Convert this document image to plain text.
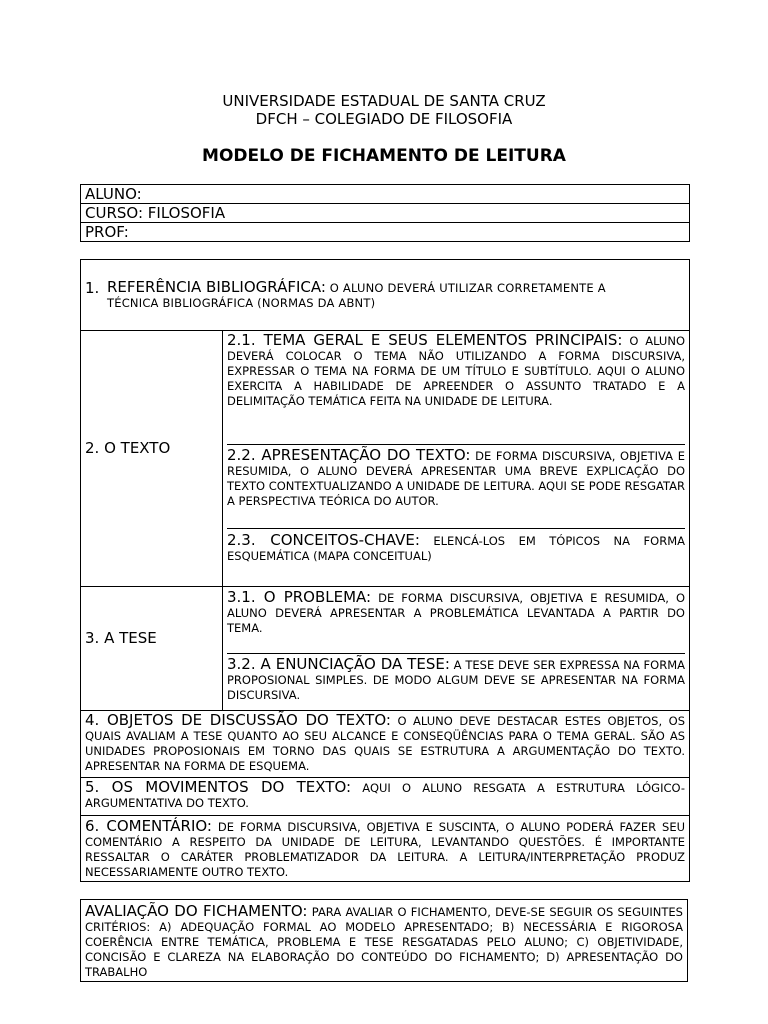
UNIVERSIDADE ESTADUAL DE SANTA CRUZ
DFCH – COLEGIADO DE FILOSOFIA
MODELO DE FICHAMENTO DE LEITURA
ALUNO:
CURSO: FILOSOFIA
PROF:
1. REFERÊNCIA BIBLIOGRÁFICA: O ALUNO DEVERÁ UTILIZAR CORRETAMENTE A
TÉCNICA BIBLIOGRÁFICA (NORMAS DA ABNT)
2. O TEXTO
2.1. TEMA GERAL E SEUS ELEMENTOS PRINCIPAIS: O ALUNO DEVERÁ COLOCAR O TEMA NÃO UTILIZANDO A FORMA DISCURSIVA, EXPRESSAR O TEMA NA FORMA DE UM TÍTULO E SUBTÍTULO. AQUI O ALUNO EXERCITA A HABILIDADE DE APREENDER O ASSUNTO TRATADO E A DELIMITAÇÃO TEMÁTICA FEITA NA UNIDADE DE LEITURA.
2.2. APRESENTAÇÃO DO TEXTO: DE FORMA DISCURSIVA, OBJETIVA E RESUMIDA, O ALUNO DEVERÁ APRESENTAR UMA BREVE EXPLICAÇÃO DO TEXTO CONTEXTUALIZANDO A UNIDADE DE LEITURA. AQUI SE PODE RESGATAR A PERSPECTIVA TEÓRICA DO AUTOR.
2.3. CONCEITOS-CHAVE: ELENCÁ-LOS EM TÓPICOS NA FORMA ESQUEMÁTICA (MAPA CONCEITUAL)
3. A TESE
3.1. O PROBLEMA: DE FORMA DISCURSIVA, OBJETIVA E RESUMIDA, O ALUNO DEVERÁ APRESENTAR A PROBLEMÁTICA LEVANTADA A PARTIR DO TEMA.
3.2. A ENUNCIAÇÃO DA TESE: A TESE DEVE SER EXPRESSA NA FORMA PROPOSIONAL SIMPLES. DE MODO ALGUM DEVE SE APRESENTAR NA FORMA DISCURSIVA.
4. OBJETOS DE DISCUSSÃO DO TEXTO: O ALUNO DEVE DESTACAR ESTES OBJETOS, OS QUAIS AVALIAM A TESE QUANTO AO SEU ALCANCE E CONSEQÜÊNCIAS PARA O TEMA GERAL. SÃO AS UNIDADES PROPOSIONAIS EM TORNO DAS QUAIS SE ESTRUTURA A ARGUMENTAÇÃO DO TEXTO. APRESENTAR NA FORMA DE ESQUEMA.
5. OS MOVIMENTOS DO TEXTO: AQUI O ALUNO RESGATA A ESTRUTURA LÓGICO-ARGUMENTATIVA DO TEXTO.
6. COMENTÁRIO: DE FORMA DISCURSIVA, OBJETIVA E SUSCINTA, O ALUNO PODERÁ FAZER SEU COMENTÁRIO A RESPEITO DA UNIDADE DE LEITURA, LEVANTANDO QUESTÕES. É IMPORTANTE RESSALTAR O CARÁTER PROBLEMATIZADOR DA LEITURA. A LEITURA/INTERPRETAÇÃO PRODUZ NECESSARIAMENTE OUTRO TEXTO.
AVALIAÇÃO DO FICHAMENTO: PARA AVALIAR O FICHAMENTO, DEVE-SE SEGUIR OS SEGUINTES CRITÉRIOS: A) ADEQUAÇÃO FORMAL AO MODELO APRESENTADO; B) NECESSÁRIA E RIGOROSA COERÊNCIA ENTRE TEMÁTICA, PROBLEMA E TESE RESGATADAS PELO ALUNO; C) OBJETIVIDADE, CONCISÃO E CLAREZA NA ELABORAÇÃO DO CONTEÚDO DO FICHAMENTO; D) APRESENTAÇÃO DO TRABALHO
